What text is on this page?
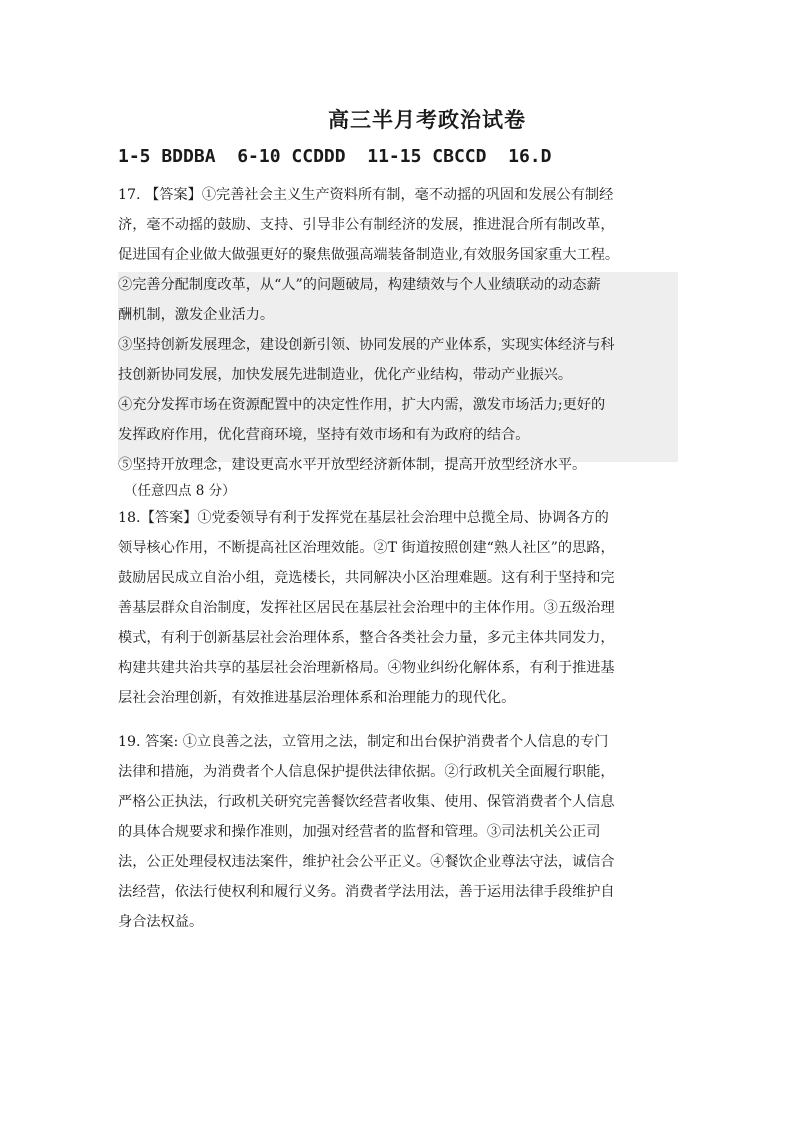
高三半月考政治试卷
1-5 BDDBA  6-10 CCDDD  11-15 CBCCD  16.D
17. 【答案】①完善社会主义生产资料所有制，毫不动摇的巩固和发展公有制经
济，毫不动摇的鼓励、支持、引导非公有制经济的发展，推进混合所有制改革，
促进国有企业做大做强更好的聚焦做强高端装备制造业,有效服务国家重大工程。
②完善分配制度改革，从“人”的问题破局，构建绩效与个人业绩联动的动态薪
酬机制，激发企业活力。
③坚持创新发展理念，建设创新引领、协同发展的产业体系，实现实体经济与科
技创新协同发展，加快发展先进制造业，优化产业结构，带动产业振兴。
④充分发挥市场在资源配置中的决定性作用，扩大内需，激发市场活力;更好的
发挥政府作用，优化营商环境，坚持有效市场和有为政府的结合。
⑤坚持开放理念，建设更高水平开放型经济新体制，提高开放型经济水平。
（任意四点 8 分）
18.【答案】①党委领导有利于发挥党在基层社会治理中总揽全局、协调各方的
领导核心作用，不断提高社区治理效能。②T 街道按照创建“熟人社区”的思路，
鼓励居民成立自治小组，竞选楼长，共同解决小区治理难题。这有利于坚持和完
善基层群众自治制度，发挥社区居民在基层社会治理中的主体作用。③五级治理
模式，有利于创新基层社会治理体系，整合各类社会力量，多元主体共同发力，
构建共建共治共享的基层社会治理新格局。④物业纠纷化解体系，有利于推进基
层社会治理创新，有效推进基层治理体系和治理能力的现代化。
19. 答案: ①立良善之法，立管用之法，制定和出台保护消费者个人信息的专门
法律和措施，为消费者个人信息保护提供法律依据。②行政机关全面履行职能，
严格公正执法，行政机关研究完善餐饮经营者收集、使用、保管消费者个人信息
的具体合规要求和操作准则，加强对经营者的监督和管理。③司法机关公正司
法，公正处理侵权违法案件，维护社会公平正义。④餐饮企业尊法守法，诚信合
法经营，依法行使权利和履行义务。消费者学法用法，善于运用法律手段维护自
身合法权益。
